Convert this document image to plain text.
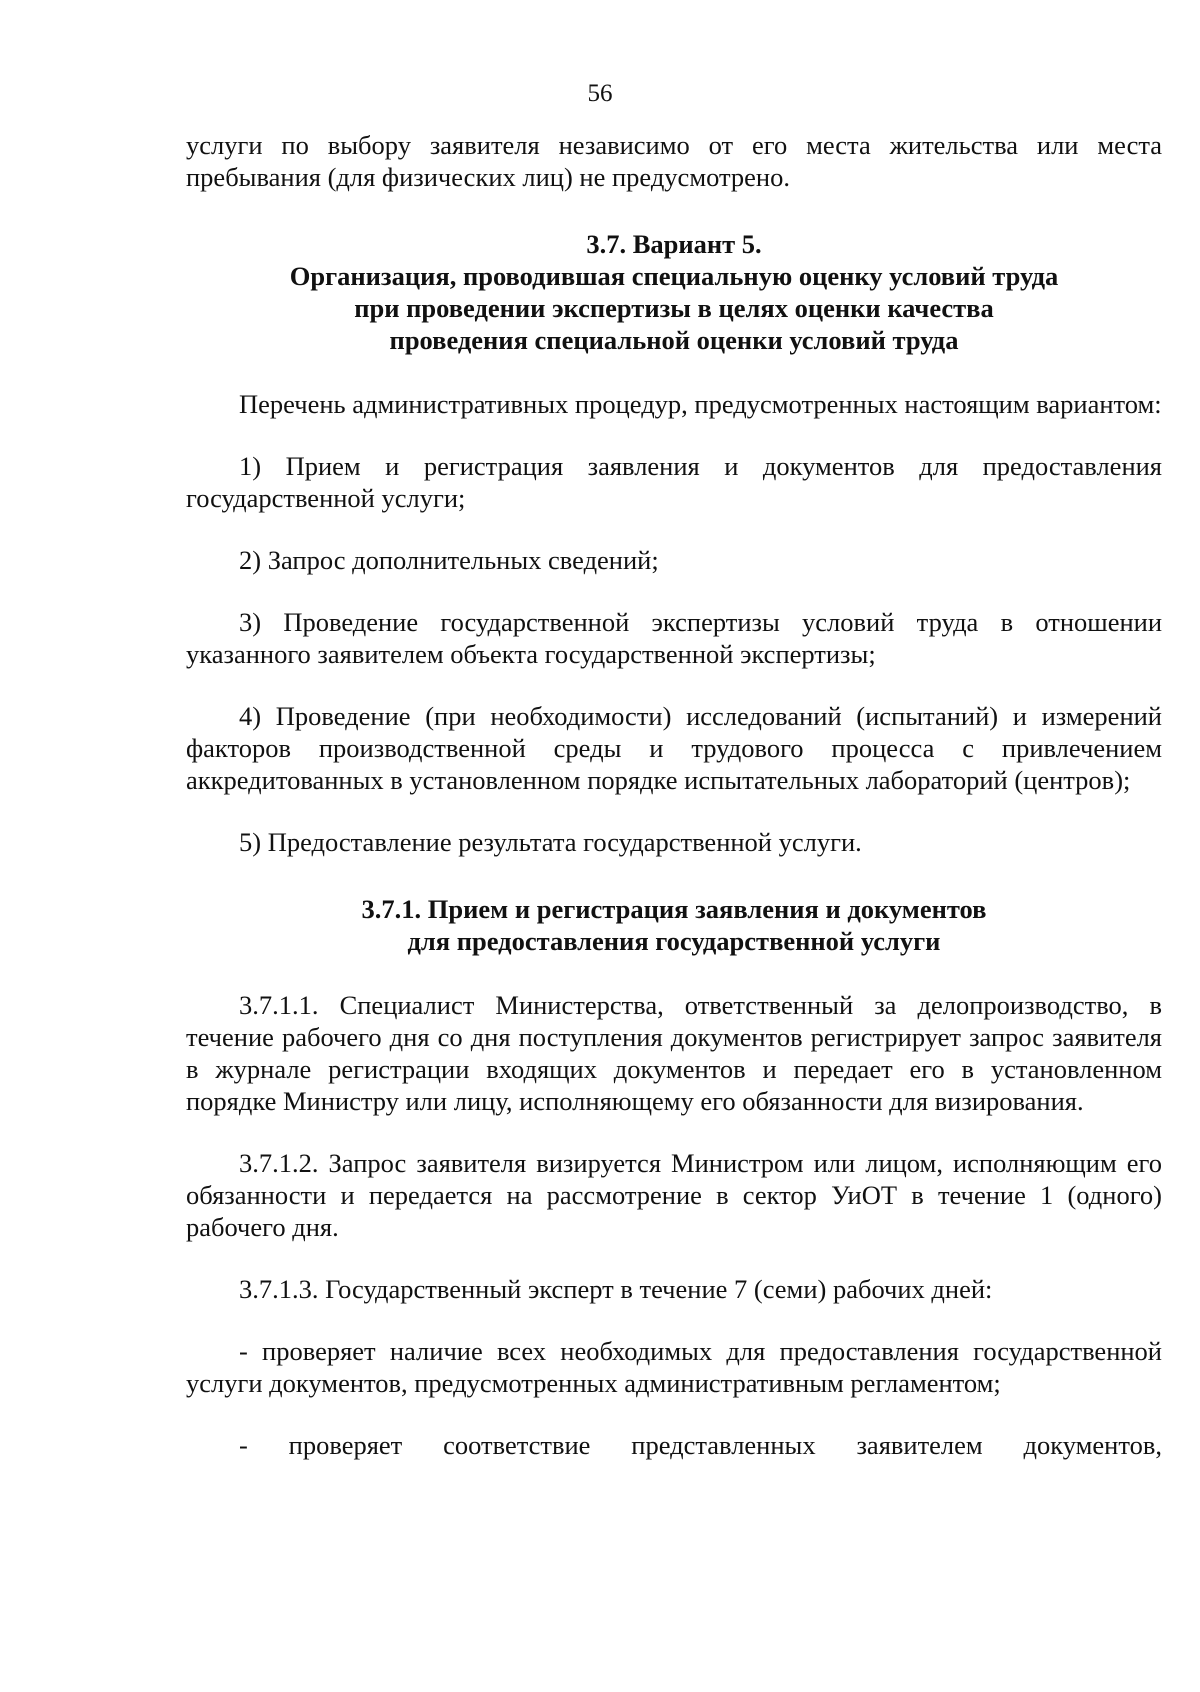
56

услуги по выбору заявителя независимо от его места жительства или места пребывания (для физических лиц) не предусмотрено.

3.7. Вариант 5.
Организация, проводившая специальную оценку условий труда
при проведении экспертизы в целях оценки качества
проведения специальной оценки условий труда

Перечень административных процедур, предусмотренных настоящим вариантом:

1) Прием и регистрация заявления и документов для предоставления государственной услуги;

2) Запрос дополнительных сведений;

3) Проведение государственной экспертизы условий труда в отношении указанного заявителем объекта государственной экспертизы;

4) Проведение (при необходимости) исследований (испытаний) и измерений факторов производственной среды и трудового процесса с привлечением аккредитованных в установленном порядке испытательных лабораторий (центров);

5) Предоставление результата государственной услуги.

3.7.1. Прием и регистрация заявления и документов
для предоставления государственной услуги

3.7.1.1. Специалист Министерства, ответственный за делопроизводство, в течение рабочего дня со дня поступления документов регистрирует запрос заявителя в журнале регистрации входящих документов и передает его в установленном порядке Министру или лицу, исполняющему его обязанности для визирования.

3.7.1.2. Запрос заявителя визируется Министром или лицом, исполняющим его обязанности и передается на рассмотрение в сектор УиОТ в течение 1 (одного) рабочего дня.

3.7.1.3. Государственный эксперт в течение 7 (семи) рабочих дней:

- проверяет наличие всех необходимых для предоставления государственной услуги документов, предусмотренных административным регламентом;

- проверяет соответствие представленных заявителем документов,
